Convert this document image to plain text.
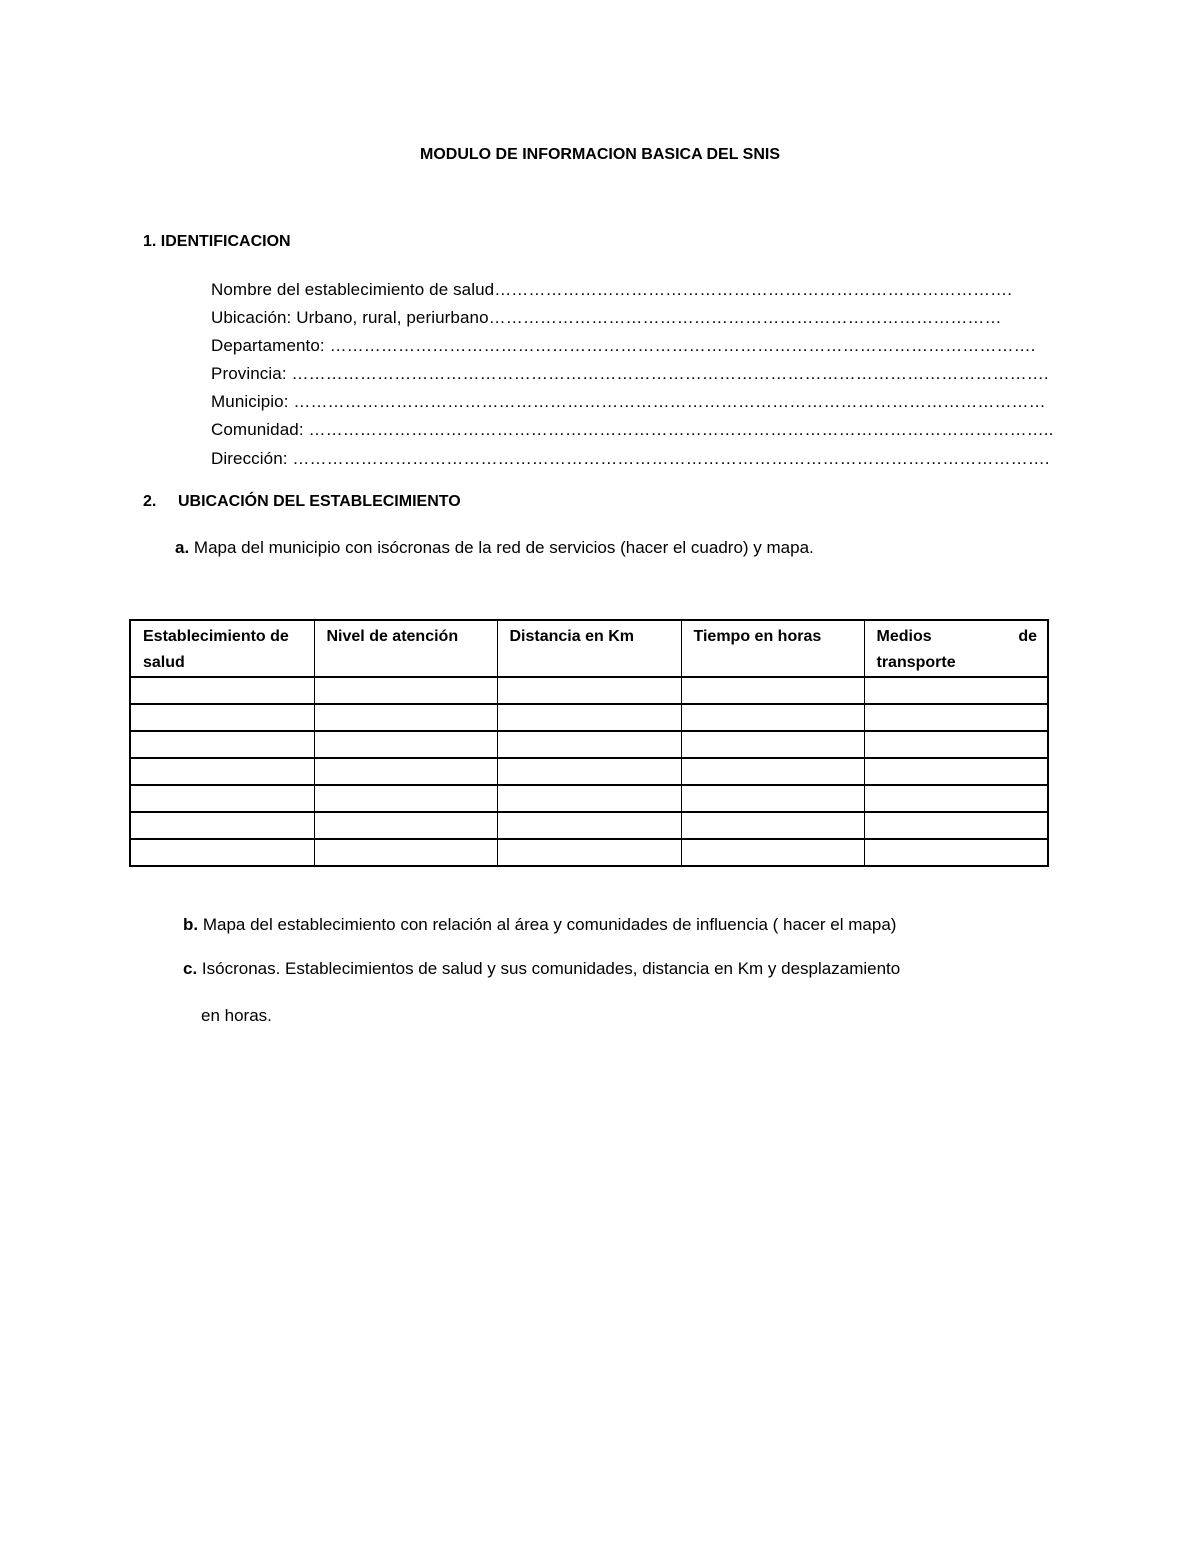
MODULO DE INFORMACION BASICA DEL SNIS
1. IDENTIFICACION
Nombre del establecimiento de salud……………………………………………………………………………….
Ubicación: Urbano, rural, periurbano………………………………………………………………………………
Departamento: …………………………………………………………………………………………………………….
Provincia: …………………………………………………………………………………………………………………….
Municipio: ……………………………………………………………………………………………………………………
Comunidad: …………………………………………………………………………………………………………………..
Dirección: …………………………………………………………………………………………………………………….
2. UBICACIÓN DEL ESTABLECIMIENTO
a. Mapa del municipio con isócronas de la red de servicios (hacer el cuadro) y mapa.
Establecimiento de salud	Nivel de atención	Distancia en Km	Tiempo en horas	Medios de
transporte

b. Mapa del establecimiento con relación al área y comunidades de influencia ( hacer el mapa)
c. Isócronas. Establecimientos de salud y sus comunidades, distancia en Km y desplazamiento
en horas.
